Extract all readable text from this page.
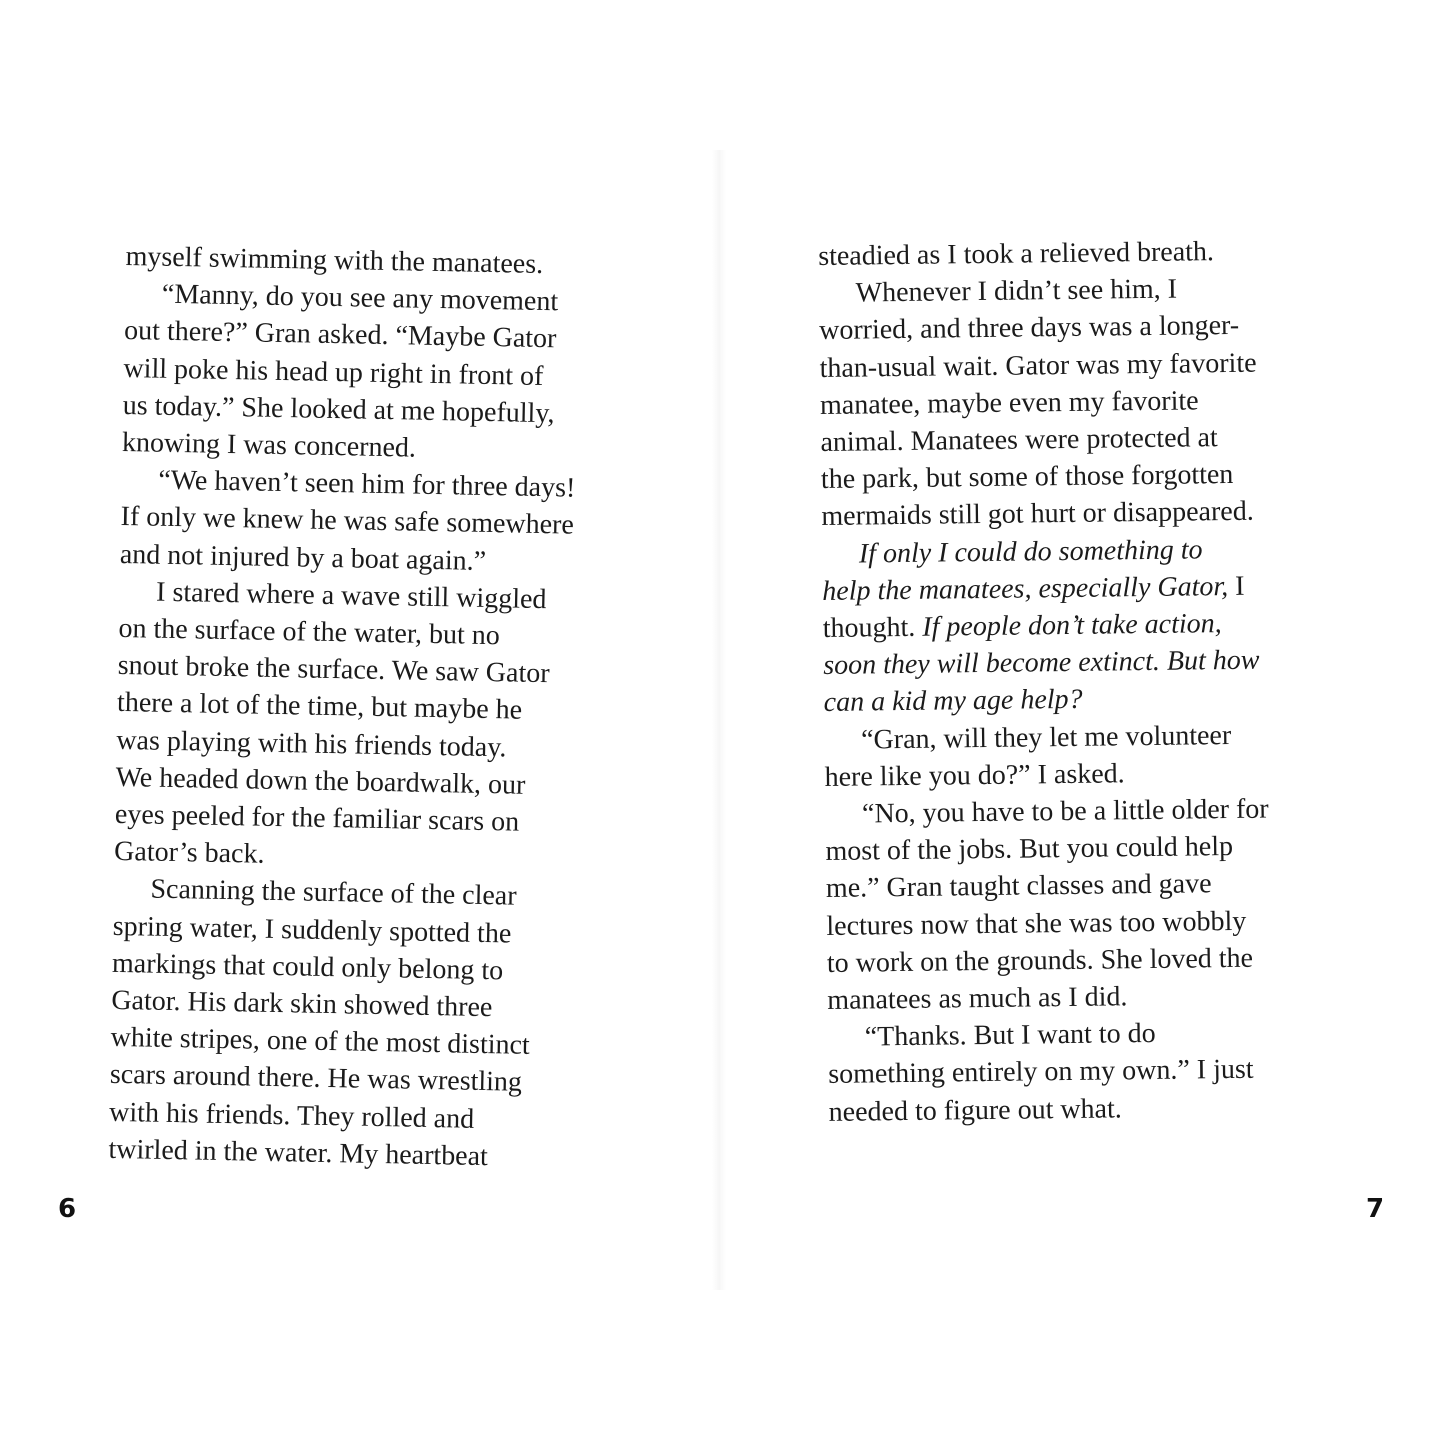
myself swimming with the manatees.
“Manny, do you see any movement
out there?” Gran asked. “Maybe Gator
will poke his head up right in front of
us today.” She looked at me hopefully,
knowing I was concerned.
“We haven’t seen him for three days!
If only we knew he was safe somewhere
and not injured by a boat again.”
I stared where a wave still wiggled
on the surface of the water, but no
snout broke the surface. We saw Gator
there a lot of the time, but maybe he
was playing with his friends today.
We headed down the boardwalk, our
eyes peeled for the familiar scars on
Gator’s back.
Scanning the surface of the clear
spring water, I suddenly spotted the
markings that could only belong to
Gator. His dark skin showed three
white stripes, one of the most distinct
scars around there. He was wrestling
with his friends. They rolled and
twirled in the water. My heartbeat

steadied as I took a relieved breath.
Whenever I didn’t see him, I
worried, and three days was a longer-
than-usual wait. Gator was my favorite
manatee, maybe even my favorite
animal. Manatees were protected at
the park, but some of those forgotten
mermaids still got hurt or disappeared.
If only I could do something to
help the manatees, especially Gator, I
thought. If people don’t take action,
soon they will become extinct. But how
can a kid my age help?
“Gran, will they let me volunteer
here like you do?” I asked.
“No, you have to be a little older for
most of the jobs. But you could help
me.” Gran taught classes and gave
lectures now that she was too wobbly
to work on the grounds. She loved the
manatees as much as I did.
“Thanks. But I want to do
something entirely on my own.” I just
needed to figure out what.

6	7
